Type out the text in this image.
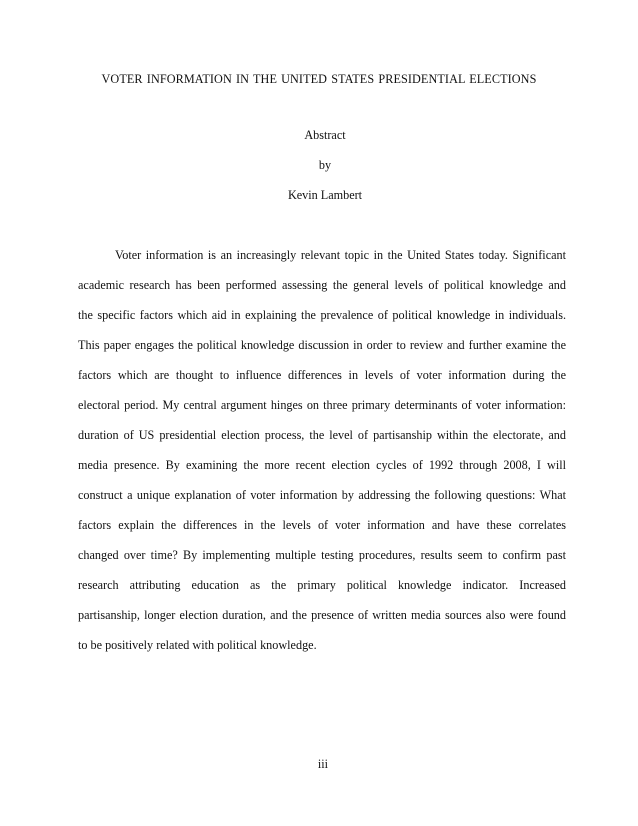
VOTER INFORMATION IN THE UNITED STATES PRESIDENTIAL ELECTIONS
Abstract
by
Kevin Lambert
Voter information is an increasingly relevant topic in the United States today. Significant
academic research has been performed assessing the general levels of political knowledge and
the specific factors which aid in explaining the prevalence of political knowledge in individuals.
This paper engages the political knowledge discussion in order to review and further examine the
factors which are thought to influence differences in levels of voter information during the
electoral period. My central argument hinges on three primary determinants of voter information:
duration of US presidential election process, the level of partisanship within the electorate, and
media presence. By examining the more recent election cycles of 1992 through 2008, I will
construct a unique explanation of voter information by addressing the following questions: What
factors explain the differences in the levels of voter information and have these correlates
changed over time? By implementing multiple testing procedures, results seem to confirm past
research attributing education as the primary political knowledge indicator. Increased
partisanship, longer election duration, and the presence of written media sources also were found
to be positively related with political knowledge.
iii
